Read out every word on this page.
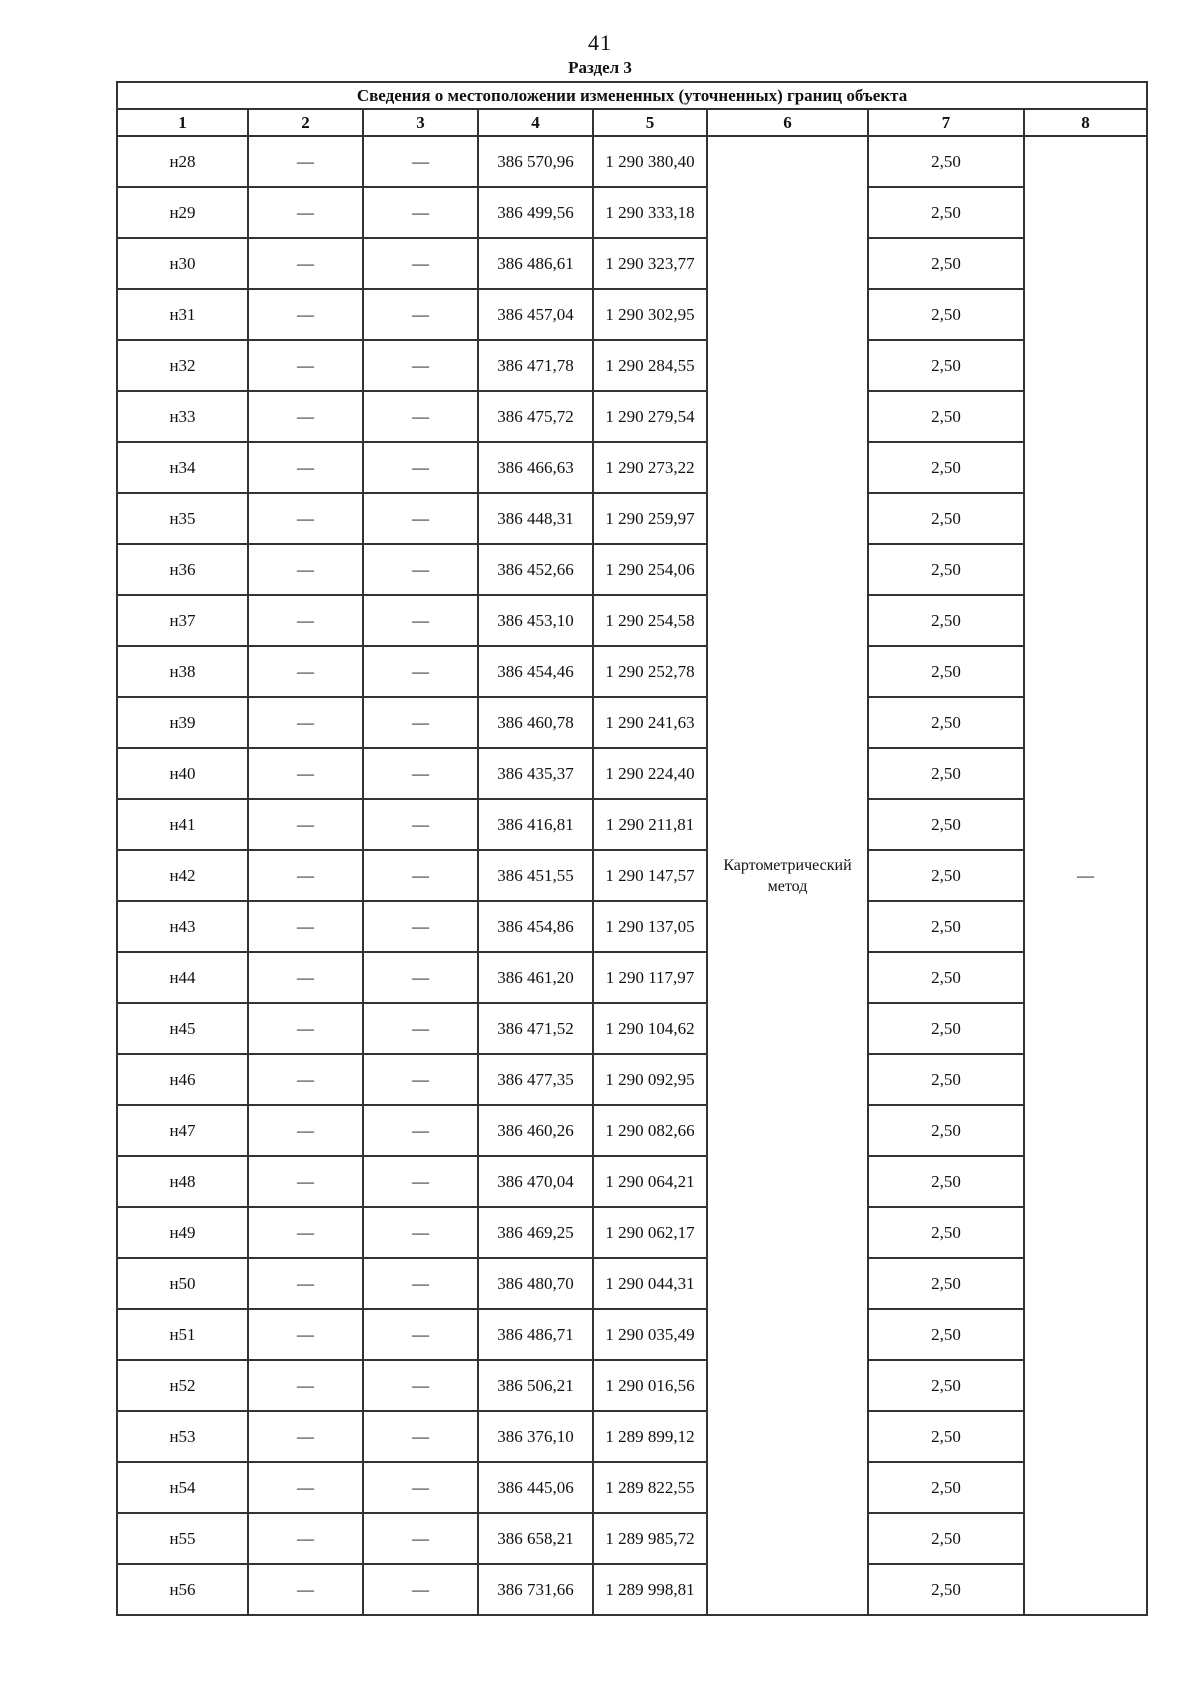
41
Раздел 3
Сведения о местоположении измененных (уточненных) границ объекта							
1	2	3	4	5	6	7	8
н28	—	—	386 570,96	1 290 380,40	Картометрический метод	2,50	—
н29	—	—	386 499,56	1 290 333,18		2,50	
н30	—	—	386 486,61	1 290 323,77		2,50	
н31	—	—	386 457,04	1 290 302,95		2,50	
н32	—	—	386 471,78	1 290 284,55		2,50	
н33	—	—	386 475,72	1 290 279,54		2,50	
н34	—	—	386 466,63	1 290 273,22		2,50	
н35	—	—	386 448,31	1 290 259,97		2,50	
н36	—	—	386 452,66	1 290 254,06		2,50	
н37	—	—	386 453,10	1 290 254,58		2,50	
н38	—	—	386 454,46	1 290 252,78		2,50	
н39	—	—	386 460,78	1 290 241,63		2,50	
н40	—	—	386 435,37	1 290 224,40		2,50	
н41	—	—	386 416,81	1 290 211,81		2,50	
н42	—	—	386 451,55	1 290 147,57		2,50	
н43	—	—	386 454,86	1 290 137,05		2,50	
н44	—	—	386 461,20	1 290 117,97		2,50	
н45	—	—	386 471,52	1 290 104,62		2,50	
н46	—	—	386 477,35	1 290 092,95		2,50	
н47	—	—	386 460,26	1 290 082,66		2,50	
н48	—	—	386 470,04	1 290 064,21		2,50	
н49	—	—	386 469,25	1 290 062,17		2,50	
н50	—	—	386 480,70	1 290 044,31		2,50	
н51	—	—	386 486,71	1 290 035,49		2,50	
н52	—	—	386 506,21	1 290 016,56		2,50	
н53	—	—	386 376,10	1 289 899,12		2,50	
н54	—	—	386 445,06	1 289 822,55		2,50	
н55	—	—	386 658,21	1 289 985,72		2,50	
н56	—	—	386 731,66	1 289 998,81		2,50	
